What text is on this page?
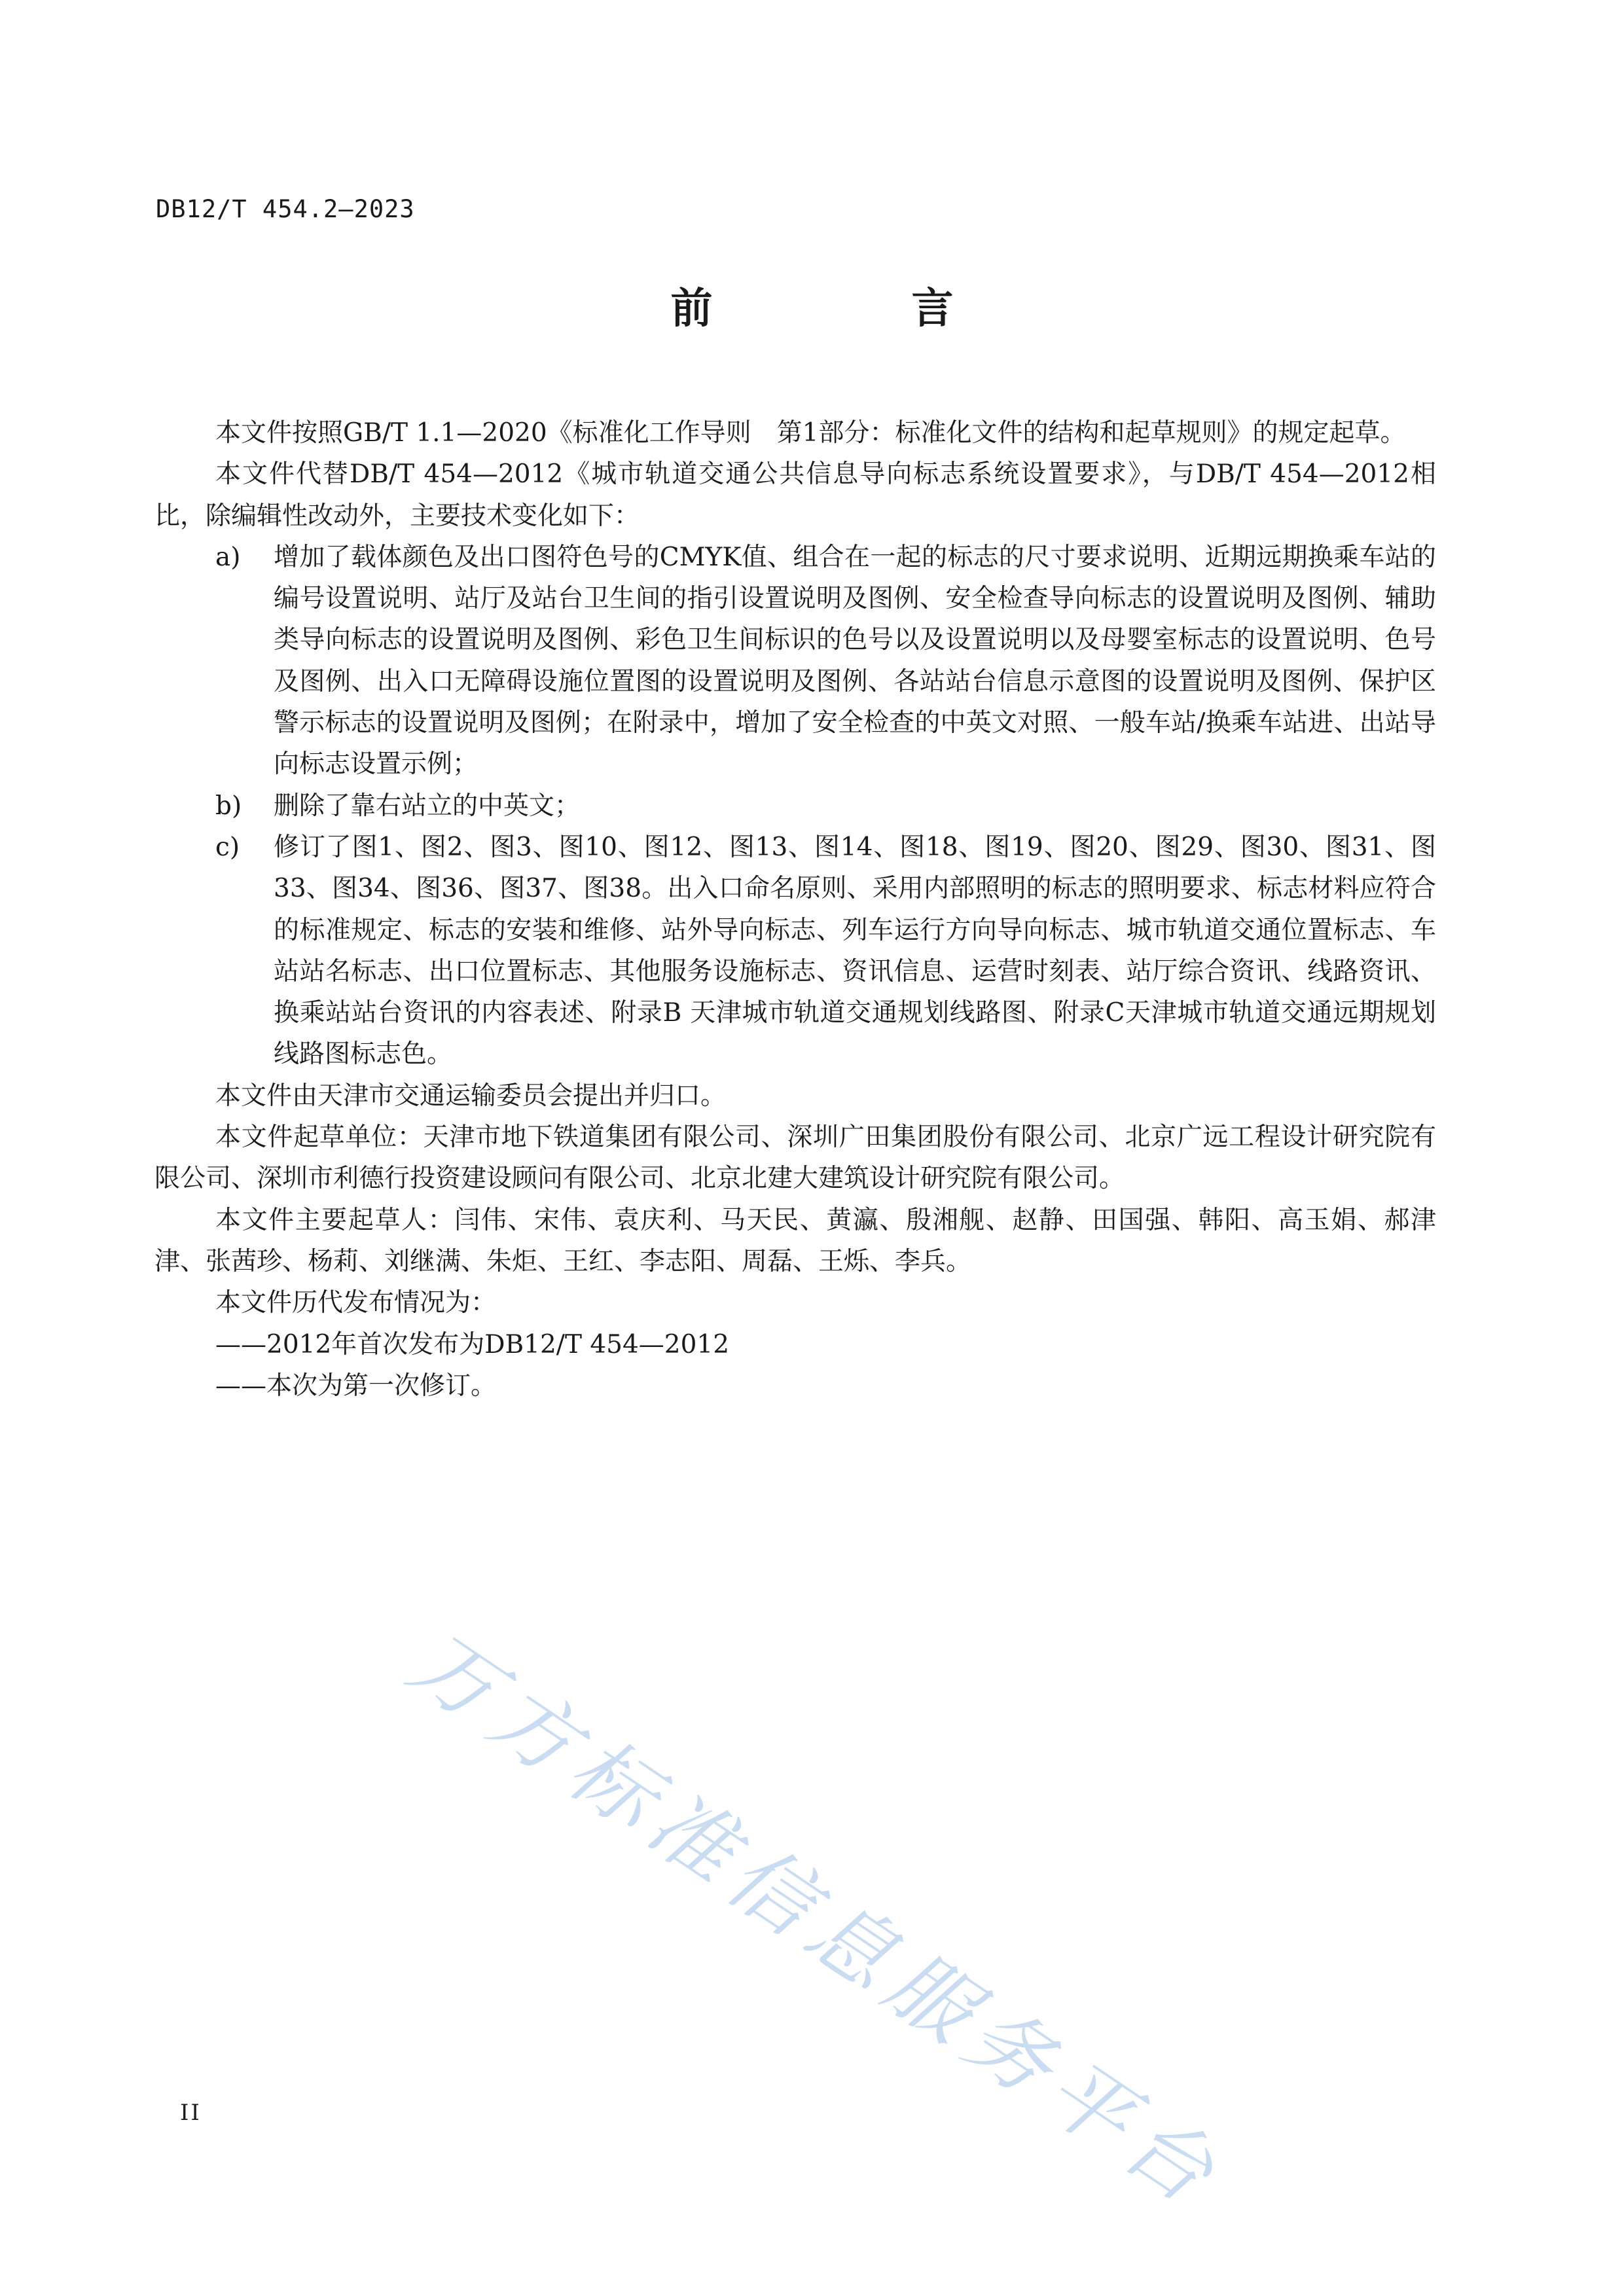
DB12/T 454.2—2023
前　言

本文件按照GB/T 1.1—2020《标准化工作导则　第1部分：标准化文件的结构和起草规则》的规定起草。

本文件代替DB/T 454—2012《城市轨道交通公共信息导向标志系统设置要求》，与DB/T 454—2012相比，除编辑性改动外，主要技术变化如下：

a) 增加了载体颜色及出口图符色号的CMYK值、组合在一起的标志的尺寸要求说明、近期远期换乘车站的编号设置说明、站厅及站台卫生间的指引设置说明及图例、安全检查导向标志的设置说明及图例、辅助类导向标志的设置说明及图例、彩色卫生间标识的色号以及设置说明以及母婴室标志的设置说明、色号及图例、出入口无障碍设施位置图的设置说明及图例、各站站台信息示意图的设置说明及图例、保护区警示标志的设置说明及图例；在附录中，增加了安全检查的中英文对照、一般车站/换乘车站进、出站导向标志设置示例；
b) 删除了靠右站立的中英文；
c) 修订了图1、图2、图3、图10、图12、图13、图14、图18、图19、图20、图29、图30、图31、图33、图34、图36、图37、图38。出入口命名原则、采用内部照明的标志的照明要求、标志材料应符合的标准规定、标志的安装和维修、站外导向标志、列车运行方向导向标志、城市轨道交通位置标志、车站站名标志、出口位置标志、其他服务设施标志、资讯信息、运营时刻表、站厅综合资讯、线路资讯、换乘站站台资讯的内容表述、附录B 天津城市轨道交通规划线路图、附录C天津城市轨道交通远期规划线路图标志色。

本文件由天津市交通运输委员会提出并归口。

本文件起草单位：天津市地下铁道集团有限公司、深圳广田集团股份有限公司、北京广远工程设计研究院有限公司、深圳市利德行投资建设顾问有限公司、北京北建大建筑设计研究院有限公司。

本文件主要起草人：闫伟、宋伟、袁庆利、马天民、黄瀛、殷湘舰、赵静、田国强、韩阳、高玉娟、郝津津、张茜珍、杨莉、刘继满、朱炬、王红、李志阳、周磊、王烁、李兵。

本文件历代发布情况为：

——2012年首次发布为DB12/T 454—2012

——本次为第一次修订。

万方标准信息服务平台
II
